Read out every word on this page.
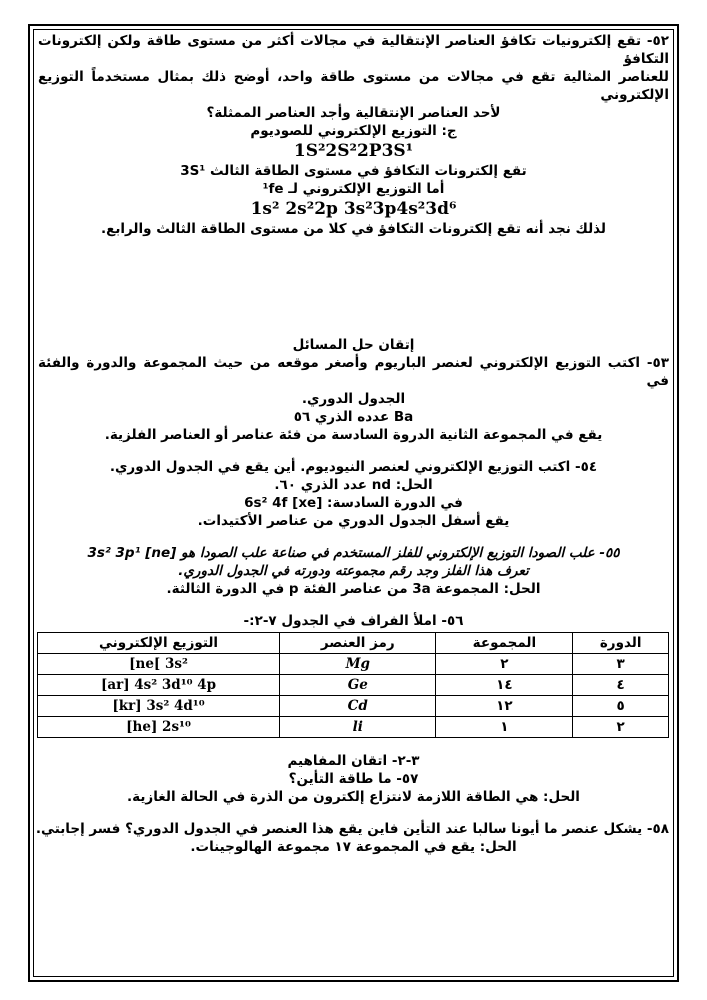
٥٢- تقع إلكترونيات تكافؤ العناصر الإنتقالية في مجالات أكثر من مستوى طاقة ولكن إلكترونات التكافؤ
للعناصر المثالية تقع في مجالات من مستوى طاقة واحد، أوضح ذلك بمثال مستخدماً التوزيع الإلكتروني
لأحد العناصر الإنتقالية وأجد العناصر الممثلة؟
ج: التوزيع الإلكتروني للصوديوم
1S²2S²2P3S¹
تقع إلكترونات التكافؤ في مستوى الطاقة الثالث 3S¹
أما التوزيع الإلكتروني لـ ¹fe
1s² 2s²2p 3s²3p4s²3d⁶
لذلك نجد أنه تقع إلكترونات التكافؤ في كلا من مستوى الطاقة الثالث والرابع.
إتقان حل المسائل
٥٣- اكتب التوزيع الإلكتروني لعنصر الباريوم وأصغر موقعه من حيث المجموعة والدورة والفئة في
الجدول الدوري.
Ba عدده الذري ٥٦
يقع في المجموعة الثانية الدروة السادسة من فئة عناصر أو العناصر الفلزية.
٥٤- اكتب التوزيع الإلكتروني لعنصر النيوديوم. أين يقع في الجدول الدوري.
الحل: nd عدد الذري ٦٠.
في الدورة السادسة: [xe] 6s² 4f
يقع أسفل الجدول الدوري من عناصر الأكتيدات.
٥٥- علب الصودا التوزيع الإلكتروني للفلز المستخدم في صناعة علب الصودا هو [ne] 3s² 3p¹
تعرف هذا الفلز وجد رقم مجموعته ودورته في الجدول الدوري.
الحل: المجموعة 3a من عناصر الفئة p في الدورة الثالثة.
٥٦- املأ الفراف في الجدول ٧-٢:-
الدورة	المجموعة	رمز العنصر	التوزيع الإلكتروني
٣	٢	Mg	[ne[ 3s²
٤	١٤	Ge	[ar] 4s² 3d¹⁰ 4p
٥	١٢	Cd	[kr] 3s² 4d¹⁰
٢	١	li	[he] 2s¹⁰
٣-٢- اتقان المفاهيم
٥٧- ما طاقة التأين؟
الحل: هي الطاقة اللازمة لانتزاع إلكترون من الذرة في الحالة الغازية.
٥٨- يشكل عنصر ما أيونا سالبا عند التأين فاين يقع هذا العنصر في الجدول الدوري؟ فسر إجابتي.
الحل: يقع في المجموعة ١٧ مجموعة الهالوجينات.
